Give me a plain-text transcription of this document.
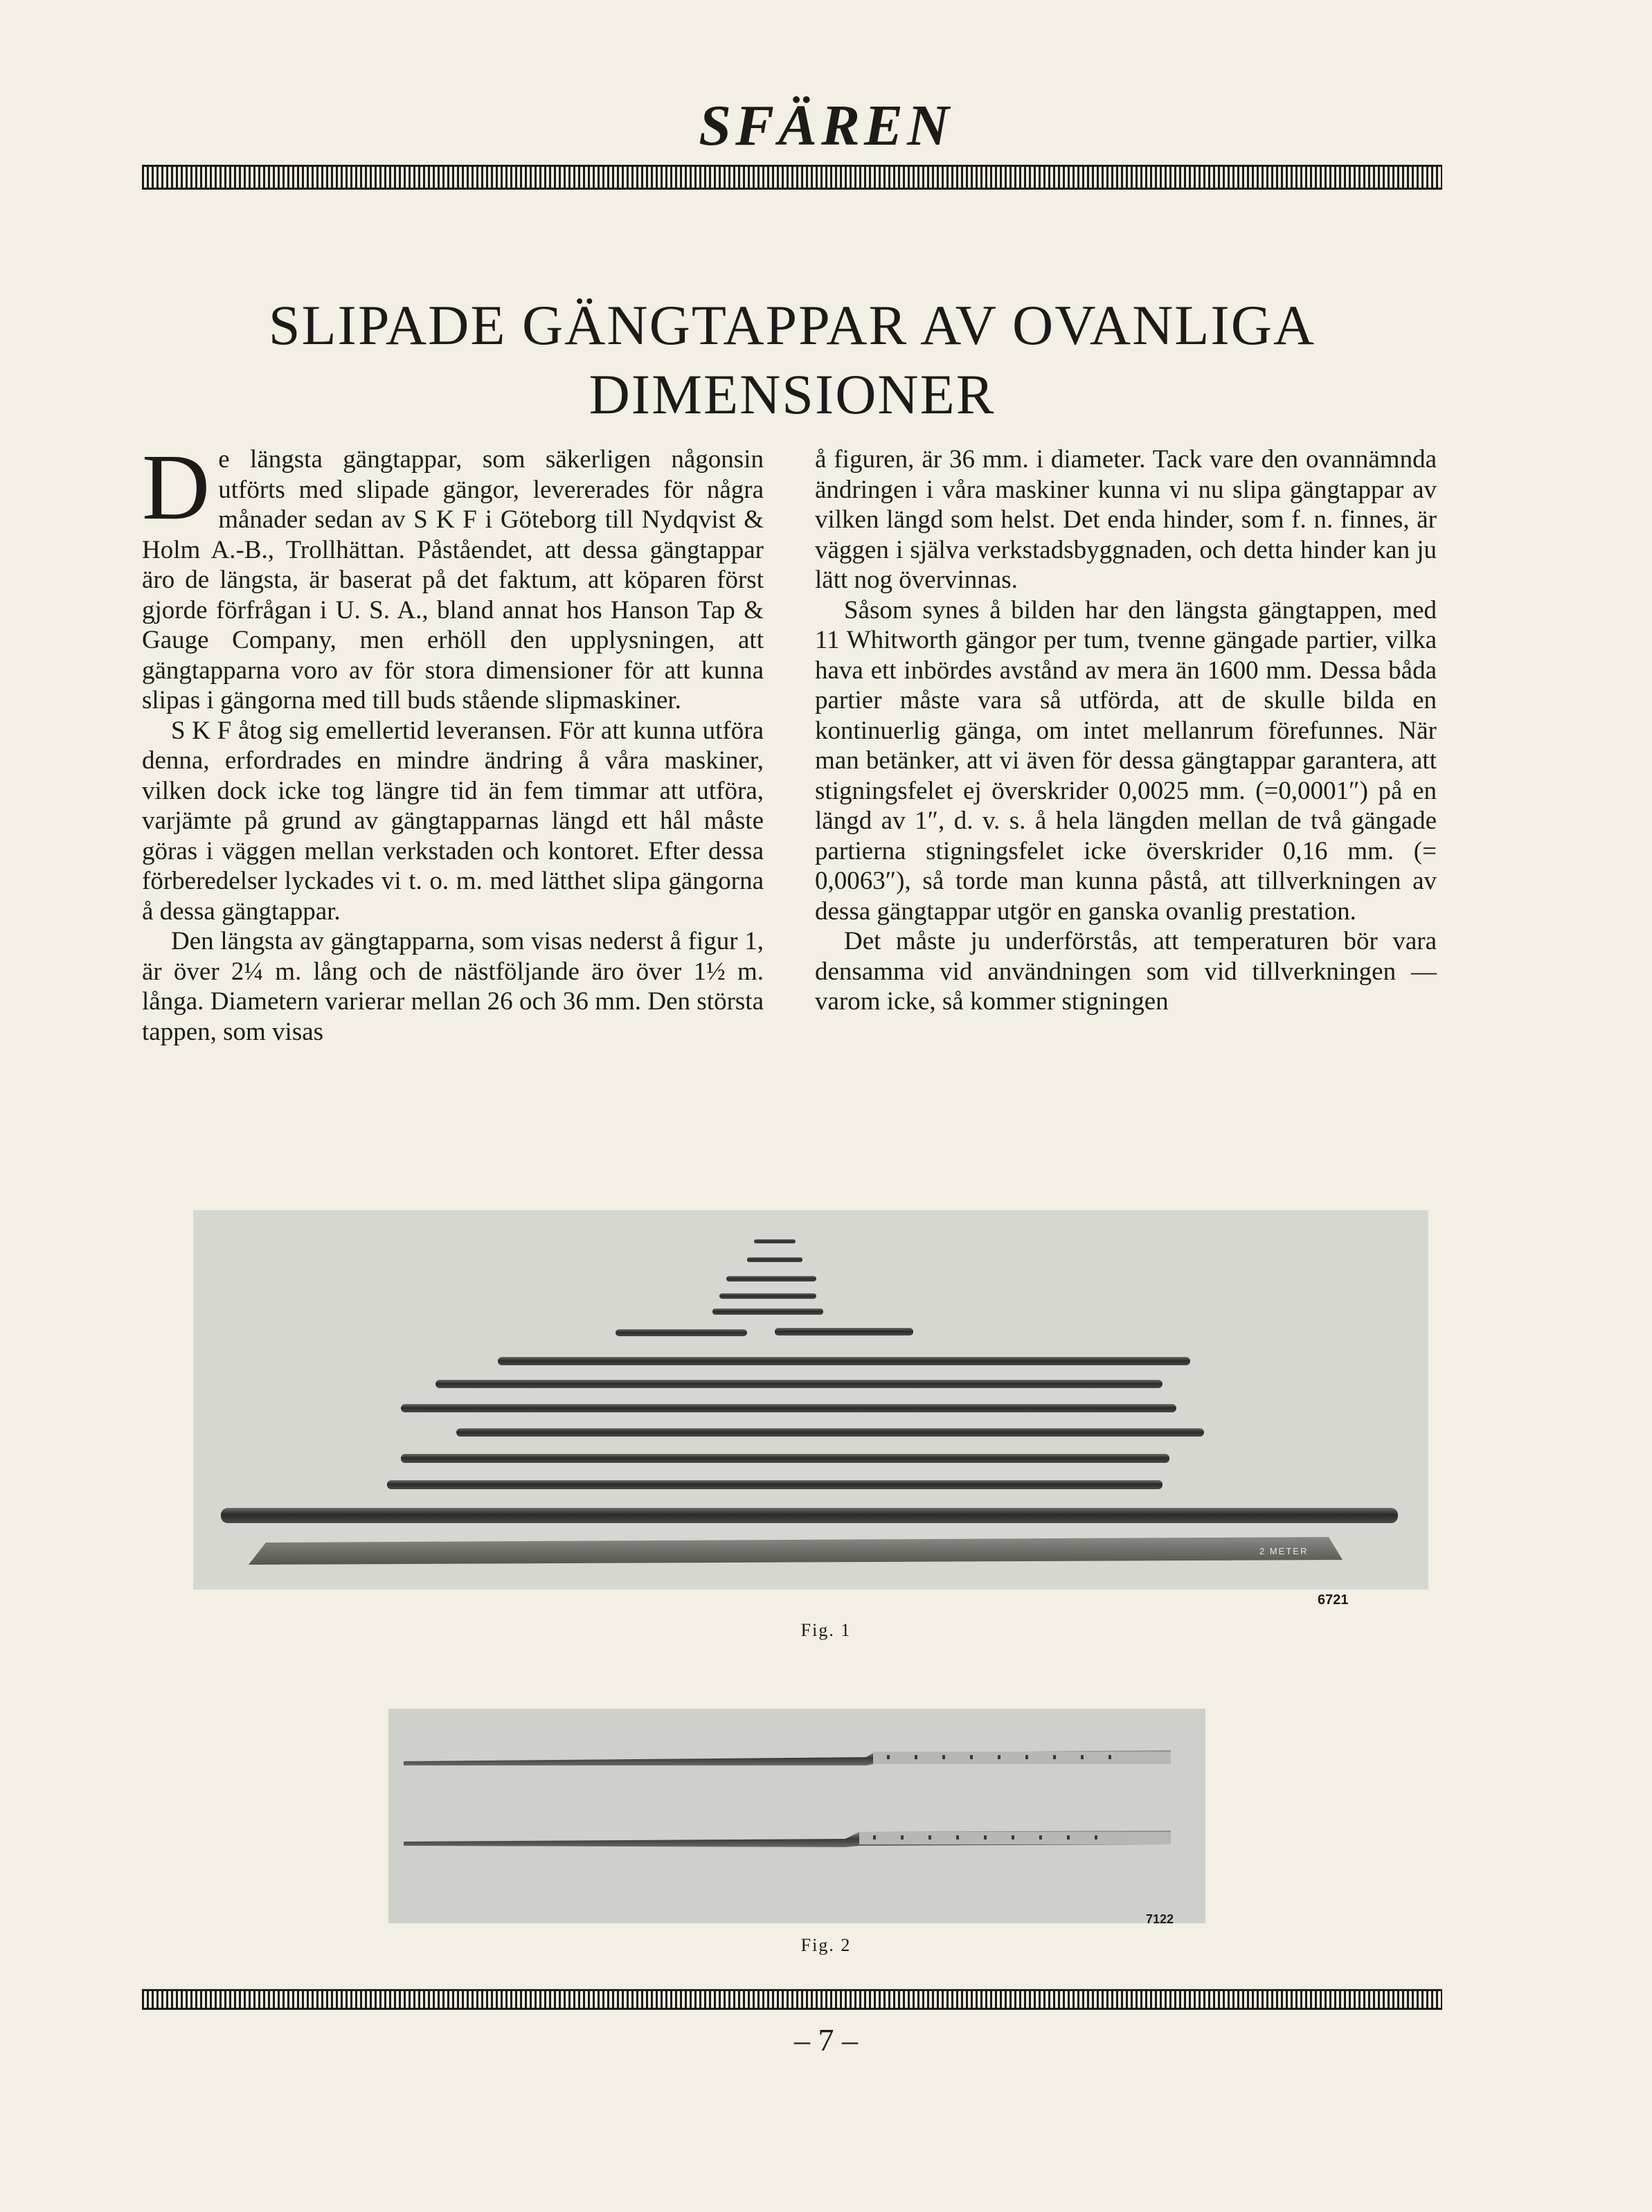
SFÄREN
SLIPADE GÄNGTAPPAR AV OVANLIGA
DIMENSIONER

De längsta gängtappar, som säkerligen någonsin utförts med slipade gängor, levererades för några månader sedan av S K F i Göteborg till Nydqvist & Holm A.-B., Trollhättan. Påståendet, att dessa gängtappar äro de längsta, är baserat på det faktum, att köparen först gjorde förfrågan i U. S. A., bland annat hos Hanson Tap & Gauge Company, men erhöll den upplysningen, att gängtapparna voro av för stora dimensioner för att kunna slipas i gängorna med till buds stående slipmaskiner.

S K F åtog sig emellertid leveransen. För att kunna utföra denna, erfordrades en mindre ändring å våra maskiner, vilken dock icke tog längre tid än fem timmar att utföra, varjämte på grund av gängtapparnas längd ett hål måste göras i väggen mellan verkstaden och kontoret. Efter dessa förberedelser lyckades vi t. o. m. med lätthet slipa gängorna å dessa gängtappar.

Den längsta av gängtapparna, som visas nederst å figur 1, är över 2¼ m. lång och de nästföljande äro över 1½ m. långa. Diametern varierar mellan 26 och 36 mm. Den största tappen, som visas

å figuren, är 36 mm. i diameter. Tack vare den ovannämnda ändringen i våra maskiner kunna vi nu slipa gängtappar av vilken längd som helst. Det enda hinder, som f. n. finnes, är väggen i själva verkstadsbyggnaden, och detta hinder kan ju lätt nog övervinnas.

Såsom synes å bilden har den längsta gängtappen, med 11 Whitworth gängor per tum, tvenne gängade partier, vilka hava ett inbördes avstånd av mera än 1600 mm. Dessa båda partier måste vara så utförda, att de skulle bilda en kontinuerlig gänga, om intet mellanrum förefunnes. När man betänker, att vi även för dessa gängtappar garantera, att stigningsfelet ej överskrider 0,0025 mm. (=0,0001″) på en längd av 1″, d. v. s. å hela längden mellan de två gängade partierna stigningsfelet icke överskrider 0,16 mm. (= 0,0063″), så torde man kunna påstå, att tillverkningen av dessa gängtappar utgör en ganska ovanlig prestation.

Det måste ju underförstås, att temperaturen bör vara densamma vid användningen som vid tillverkningen — varom icke, så kommer stigningen

2 METER
6721
Fig. 1
7122
Fig. 2
– 7 –
